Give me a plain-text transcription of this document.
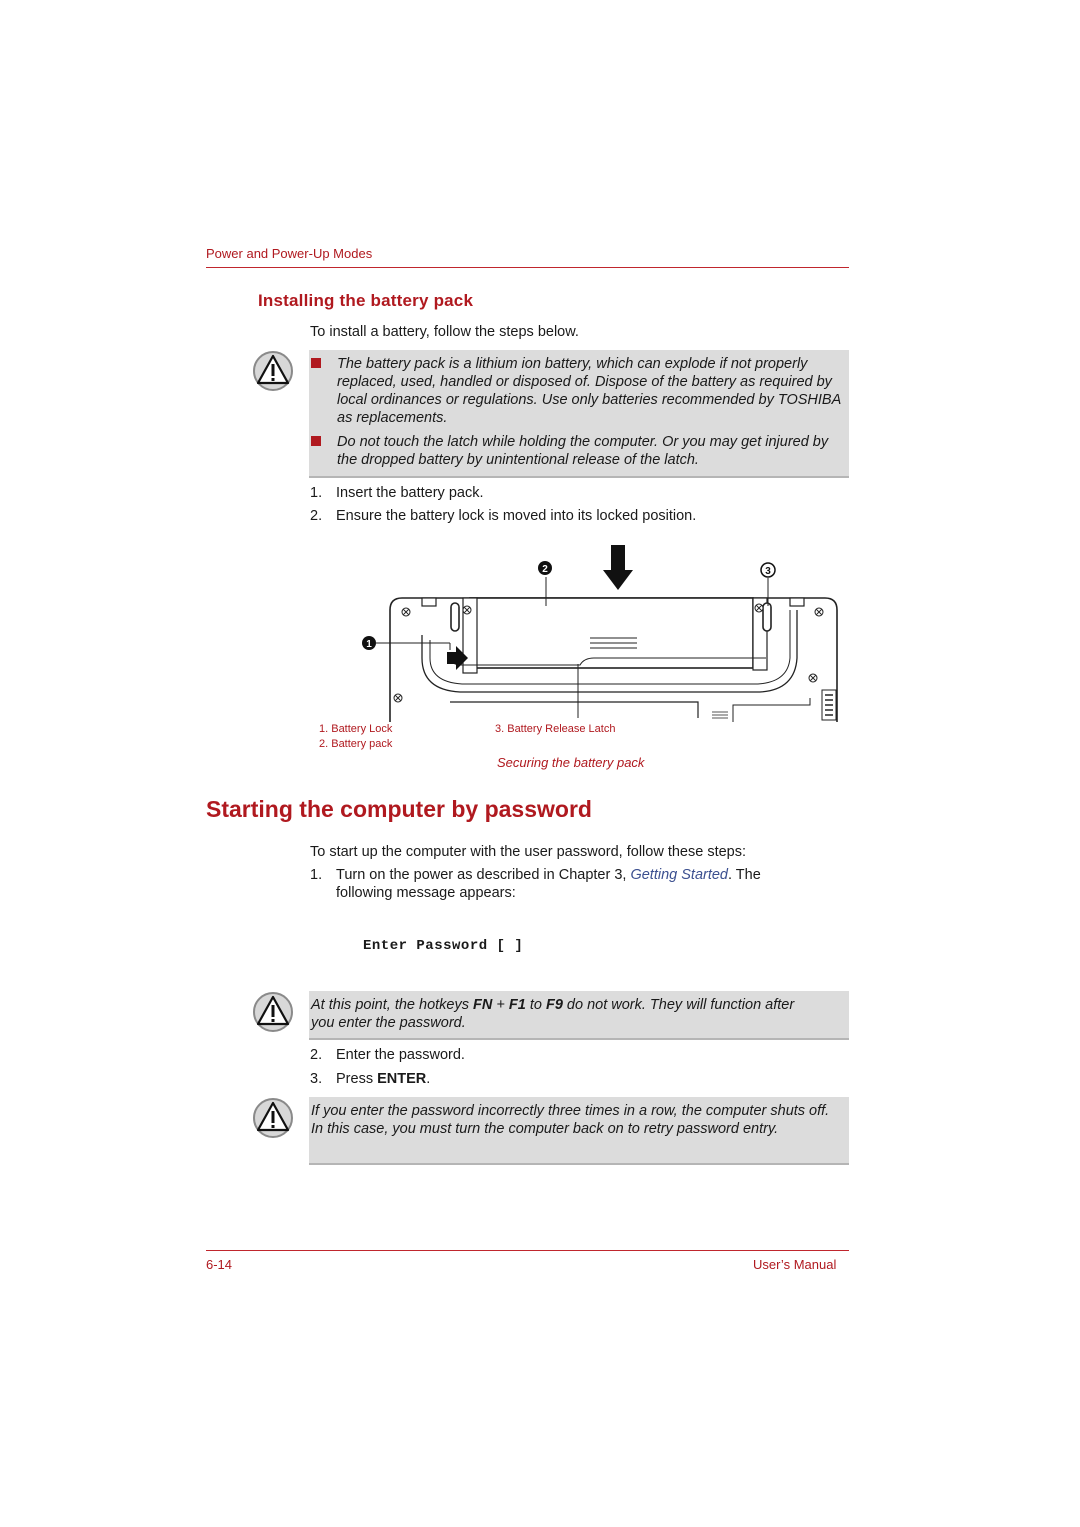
Power and Power-Up Modes
Installing the battery pack
To install a battery, follow the steps below.
The battery pack is a lithium ion battery, which can explode if not properly replaced, used, handled or disposed of. Dispose of the battery as required by local ordinances or regulations. Use only batteries recommended by TOSHIBA as replacements.
Do not touch the latch while holding the computer. Or you may get injured by the dropped battery by unintentional release of the latch.
1. Insert the battery pack.
2. Ensure the battery lock is moved into its locked position.
2	3
1
1. Battery Lock
2. Battery pack
3. Battery Release Latch
Securing the battery pack
Starting the computer by password
To start up the computer with the user password, follow these steps:
1. Turn on the power as described in Chapter 3, Getting Started. The
following message appears:
Enter Password [ ]
At this point, the hotkeys FN + F1 to F9 do not work. They will function after
you enter the password.
2. Enter the password.
3. Press ENTER.
If you enter the password incorrectly three times in a row, the computer shuts off. In this case, you must turn the computer back on to retry password entry.
6-14	User’s Manual
